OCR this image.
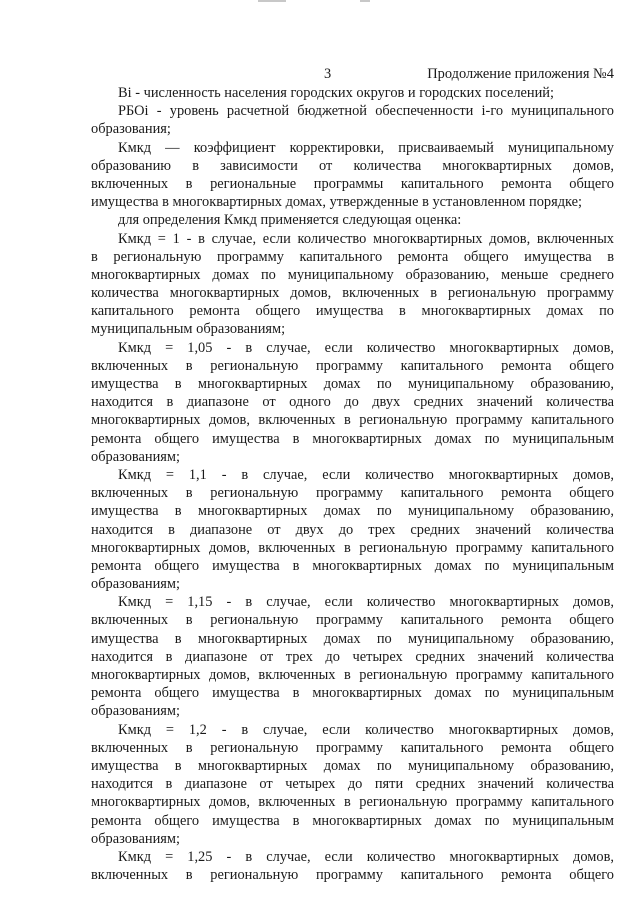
3	Продолжение приложения №4
Bi - численность населения городских округов и городских поселений;
РБОi - уровень расчетной бюджетной обеспеченности i-го муниципального
образования;
Кмкд — коэффициент корректировки, присваиваемый муниципальному
образованию в зависимости от количества многоквартирных домов,
включенных в региональные программы капитального ремонта общего
имущества в многоквартирных домах, утвержденные в установленном порядке;
для определения Кмкд применяется следующая оценка:
Кмкд = 1 - в случае, если количество многоквартирных домов, включенных
в региональную программу капитального ремонта общего имущества в
многоквартирных домах по муниципальному образованию, меньше среднего
количества многоквартирных домов, включенных в региональную программу
капитального ремонта общего имущества в многоквартирных домах по
муниципальным образованиям;
Кмкд = 1,05 - в случае, если количество многоквартирных домов,
включенных в региональную программу капитального ремонта общего
имущества в многоквартирных домах по муниципальному образованию,
находится в диапазоне от одного до двух средних значений количества
многоквартирных домов, включенных в региональную программу капитального
ремонта общего имущества в многоквартирных домах по муниципальным
образованиям;
Кмкд = 1,1 - в случае, если количество многоквартирных домов,
включенных в региональную программу капитального ремонта общего
имущества в многоквартирных домах по муниципальному образованию,
находится в диапазоне от двух до трех средних значений количества
многоквартирных домов, включенных в региональную программу капитального
ремонта общего имущества в многоквартирных домах по муниципальным
образованиям;
Кмкд = 1,15 - в случае, если количество многоквартирных домов,
включенных в региональную программу капитального ремонта общего
имущества в многоквартирных домах по муниципальному образованию,
находится в диапазоне от трех до четырех средних значений количества
многоквартирных домов, включенных в региональную программу капитального
ремонта общего имущества в многоквартирных домах по муниципальным
образованиям;
Кмкд = 1,2 - в случае, если количество многоквартирных домов,
включенных в региональную программу капитального ремонта общего
имущества в многоквартирных домах по муниципальному образованию,
находится в диапазоне от четырех до пяти средних значений количества
многоквартирных домов, включенных в региональную программу капитального
ремонта общего имущества в многоквартирных домах по муниципальным
образованиям;
Кмкд = 1,25 - в случае, если количество многоквартирных домов,
включенных в региональную программу капитального ремонта общего
